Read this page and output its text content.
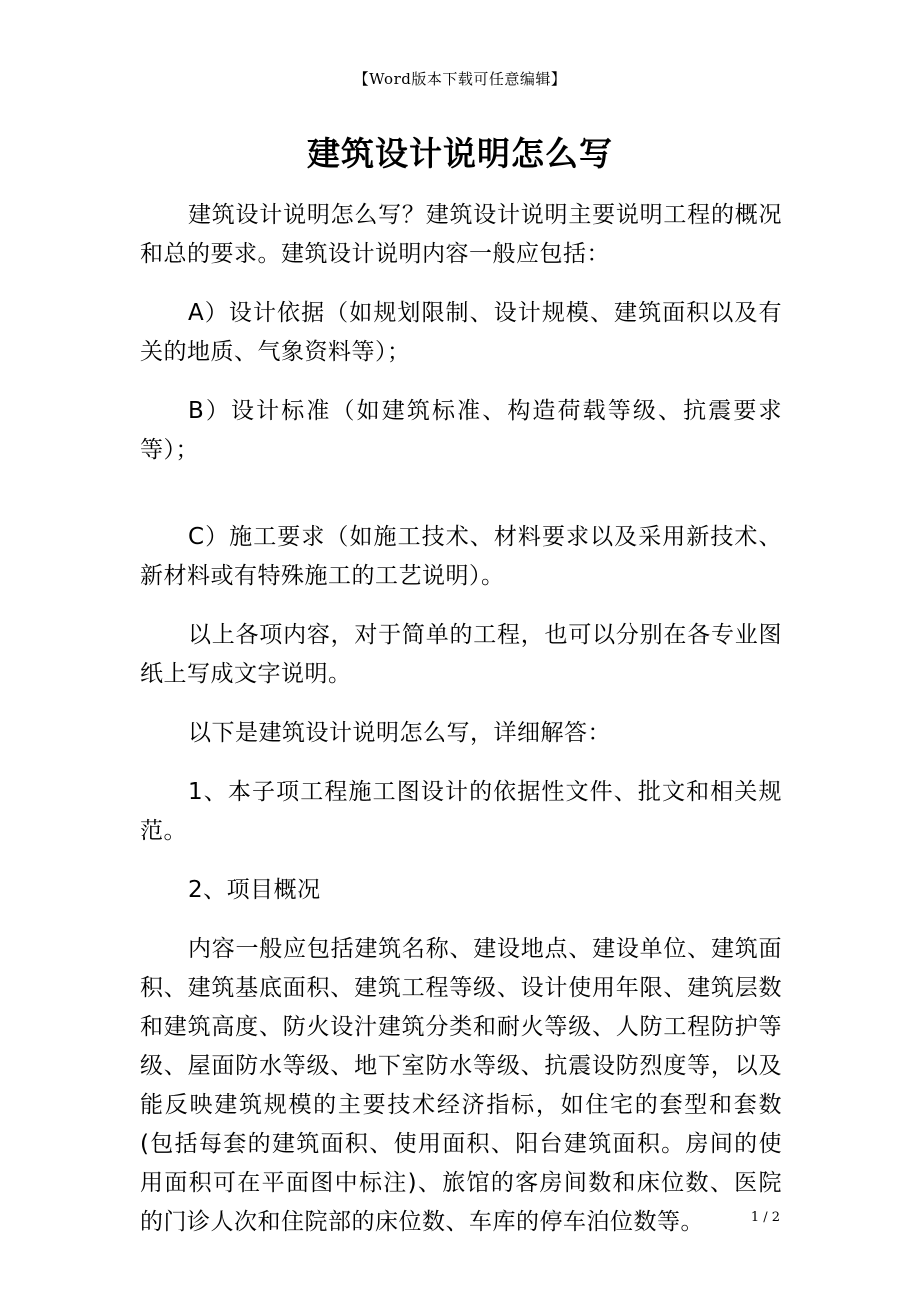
【Word版本下载可任意编辑】
建筑设计说明怎么写

建筑设计说明怎么写？建筑设计说明主要说明工程的概况和总的要求。建筑设计说明内容一般应包括：

A）设计依据（如规划限制、设计规模、建筑面积以及有关的地质、气象资料等）；

B）设计标准（如建筑标准、构造荷载等级、抗震要求等）；

C）施工要求（如施工技术、材料要求以及采用新技术、新材料或有特殊施工的工艺说明）。

以上各项内容，对于简单的工程，也可以分别在各专业图纸上写成文字说明。

以下是建筑设计说明怎么写，详细解答：

1、本子项工程施工图设计的依据性文件、批文和相关规范。

2、项目概况

内容一般应包括建筑名称、建设地点、建设单位、建筑面积、建筑基底面积、建筑工程等级、设计使用年限、建筑层数和建筑高度、防火设汁建筑分类和耐火等级、人防工程防护等级、屋面防水等级、地下室防水等级、抗震设防烈度等，以及能反映建筑规模的主要技术经济指标，如住宅的套型和套数(包括每套的建筑面积、使用面积、阳台建筑面积。房间的使用面积可在平面图中标注)、旅馆的客房间数和床位数、医院的门诊人次和住院部的床位数、车库的停车泊位数等。	1 / 2
